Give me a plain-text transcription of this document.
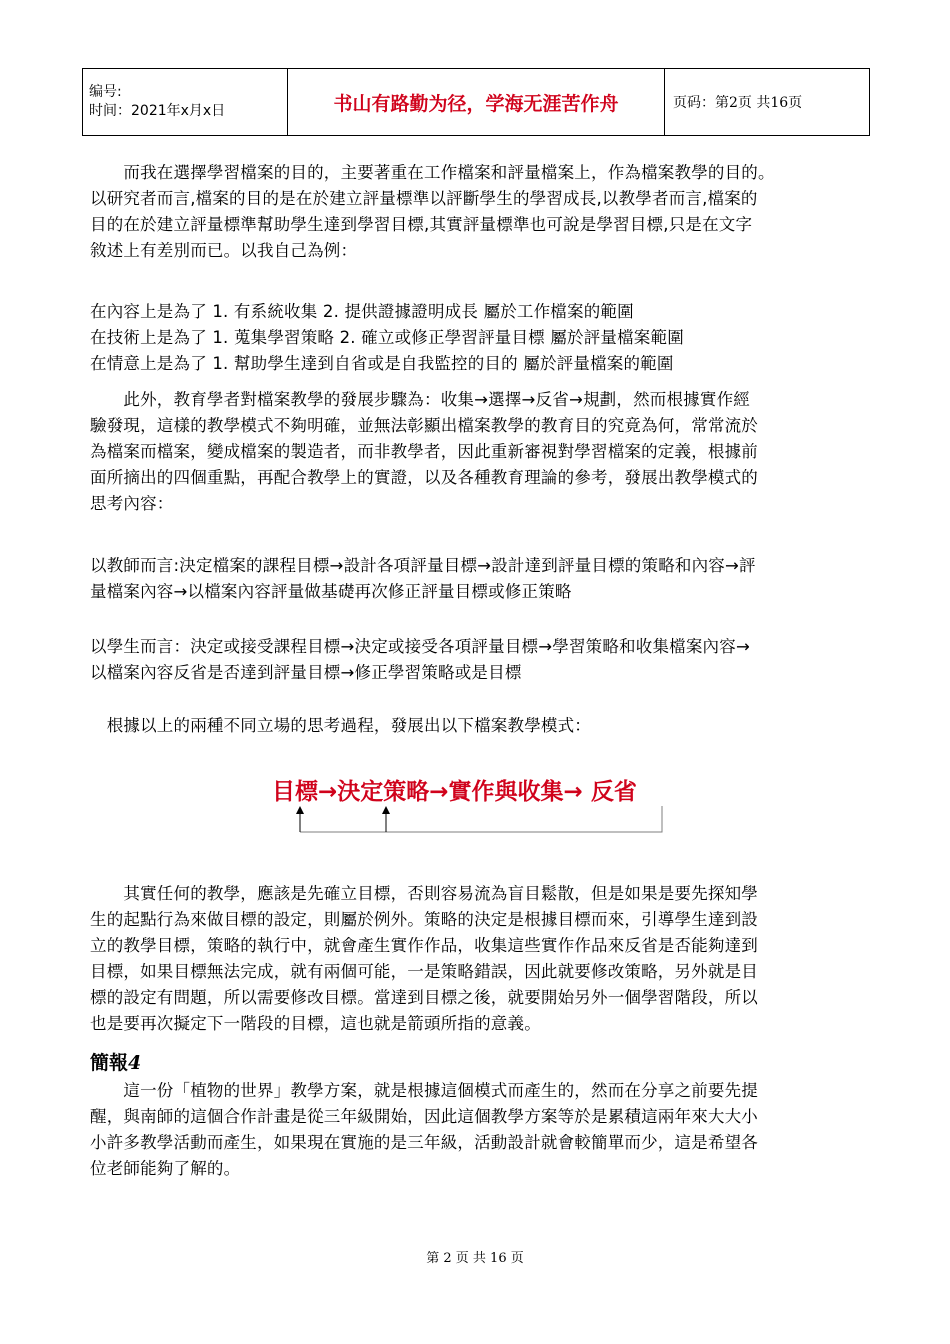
编号:
时间：2021年x月x日	书山有路勤为径，学海无涯苦作舟	页码：第2页 共16页
　　而我在選擇學習檔案的目的，主要著重在工作檔案和評量檔案上，作為檔案教學的目的。
以研究者而言,檔案的目的是在於建立評量標準以評斷學生的學習成長,以教學者而言,檔案的
目的在於建立評量標準幫助學生達到學習目標,其實評量標準也可說是學習目標,只是在文字
敘述上有差別而已。以我自己為例：
在內容上是為了 1. 有系統收集 2. 提供證據證明成長 屬於工作檔案的範圍
在技術上是為了 1. 蒐集學習策略 2. 確立或修正學習評量目標 屬於評量檔案範圍
在情意上是為了 1. 幫助學生達到自省或是自我監控的目的 屬於評量檔案的範圍
　　此外，教育學者對檔案教學的發展步驟為：收集→選擇→反省→規劃，然而根據實作經
驗發現，這樣的教學模式不夠明確，並無法彰顯出檔案教學的教育目的究竟為何，常常流於
為檔案而檔案，變成檔案的製造者，而非教學者，因此重新審視對學習檔案的定義，根據前
面所摘出的四個重點，再配合教學上的實證，以及各種教育理論的參考，發展出教學模式的
思考內容：
以教師而言:決定檔案的課程目標→設計各項評量目標→設計達到評量目標的策略和內容→評
量檔案內容→以檔案內容評量做基礎再次修正評量目標或修正策略
以學生而言：決定或接受課程目標→決定或接受各項評量目標→學習策略和收集檔案內容→
以檔案內容反省是否達到評量目標→修正學習策略或是目標
　根據以上的兩種不同立場的思考過程，發展出以下檔案教學模式：
目標→決定策略→實作與收集→ 反省
　　其實任何的教學，應該是先確立目標，否則容易流為盲目鬆散，但是如果是要先探知學
生的起點行為來做目標的設定，則屬於例外。策略的決定是根據目標而來，引導學生達到設
立的教學目標，策略的執行中，就會產生實作作品，收集這些實作作品來反省是否能夠達到
目標，如果目標無法完成，就有兩個可能，一是策略錯誤，因此就要修改策略，另外就是目
標的設定有問題，所以需要修改目標。當達到目標之後，就要開始另外一個學習階段，所以
也是要再次擬定下一階段的目標，這也就是箭頭所指的意義。
簡報4
　　這一份「植物的世界」教學方案，就是根據這個模式而產生的，然而在分享之前要先提
醒，與南師的這個合作計畫是從三年級開始，因此這個教學方案等於是累積這兩年來大大小
小許多教學活動而產生，如果現在實施的是三年級，活動設計就會較簡單而少，這是希望各
位老師能夠了解的。
第 2 页 共 16 页
